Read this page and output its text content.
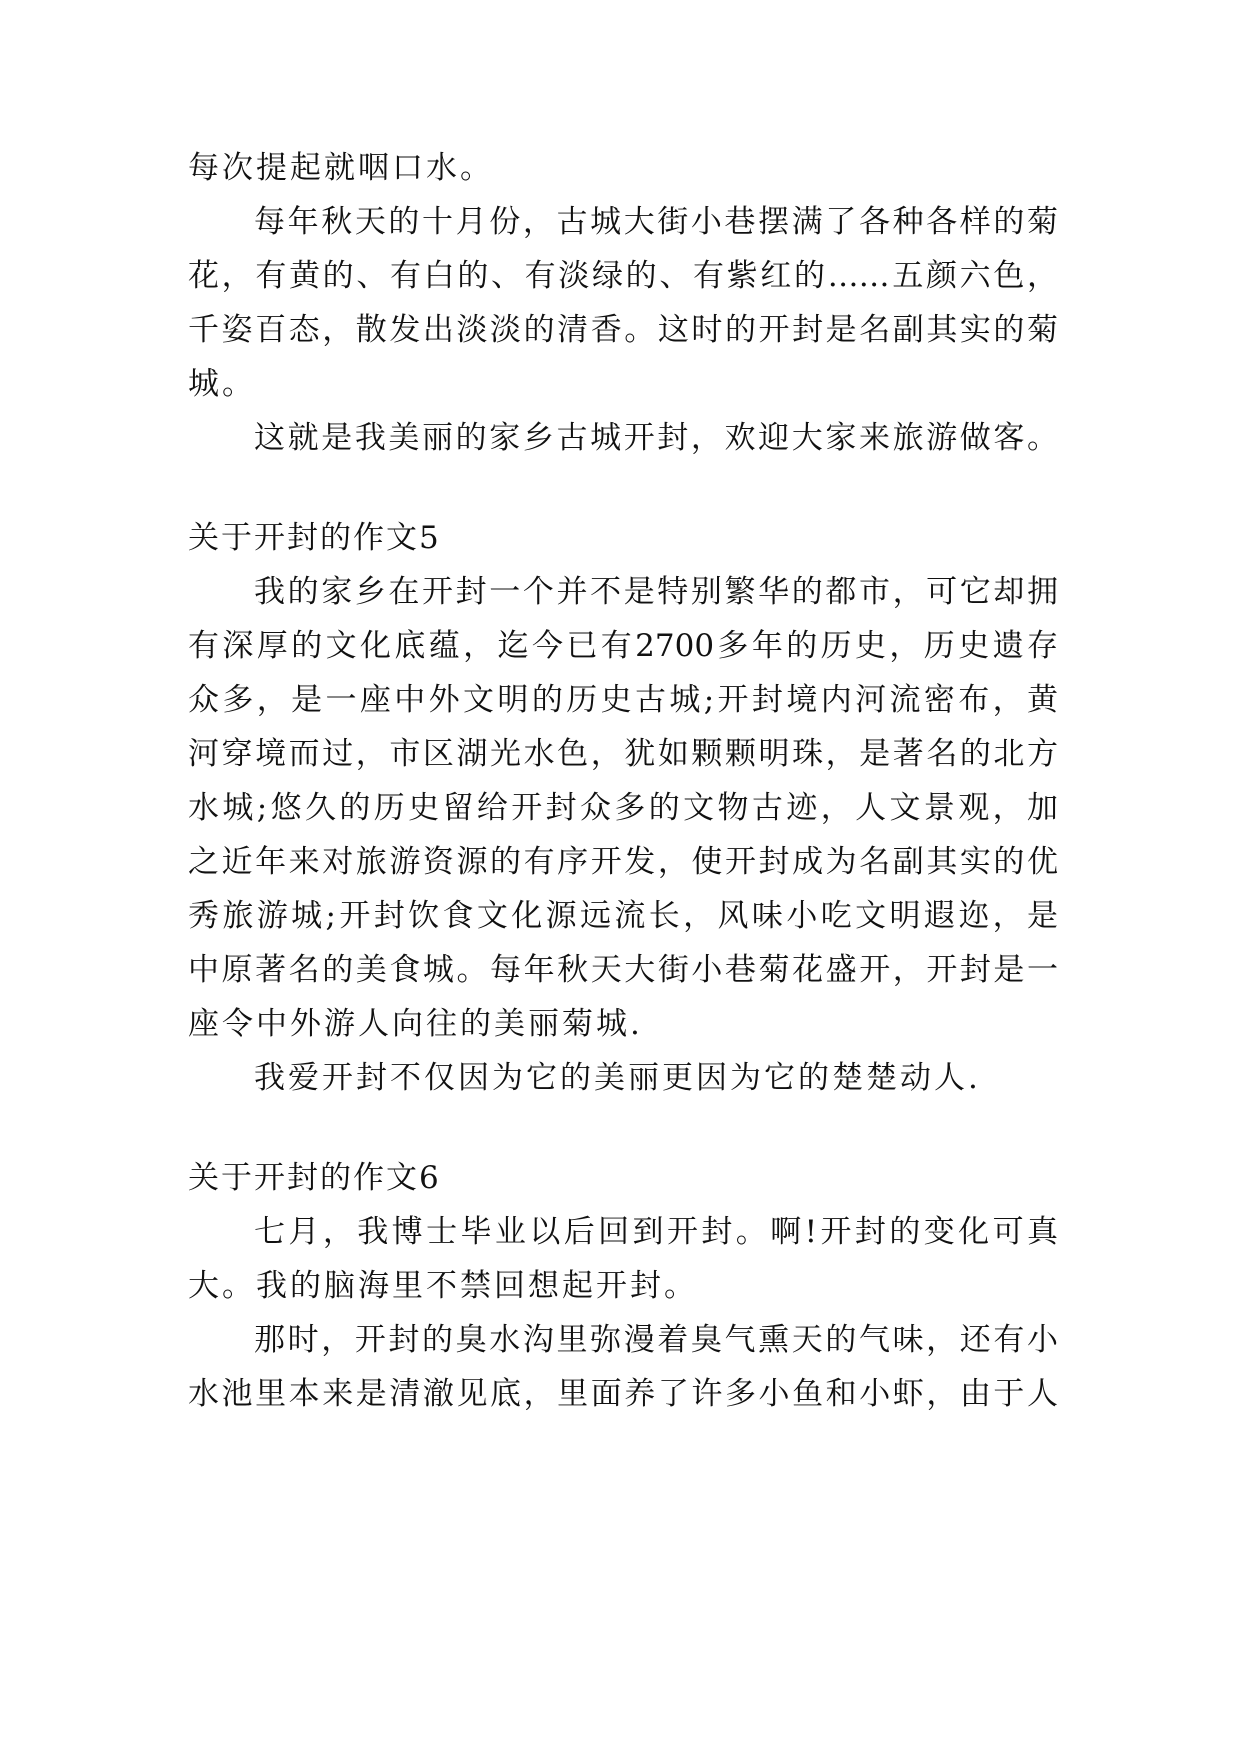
每次提起就咽口水。
每年秋天的十月份，古城大街小巷摆满了各种各样的菊
花，有黄的、有白的、有淡绿的、有紫红的……五颜六色，
千姿百态，散发出淡淡的清香。这时的开封是名副其实的菊
城。
这就是我美丽的家乡古城开封，欢迎大家来旅游做客。
关于开封的作文5
我的家乡在开封一个并不是特别繁华的都市，可它却拥
有深厚的文化底蕴，迄今已有2700多年的历史，历史遗存
众多，是一座中外文明的历史古城;开封境内河流密布，黄
河穿境而过，市区湖光水色，犹如颗颗明珠，是著名的北方
水城;悠久的历史留给开封众多的文物古迹，人文景观，加
之近年来对旅游资源的有序开发，使开封成为名副其实的优
秀旅游城;开封饮食文化源远流长，风味小吃文明遐迩，是
中原著名的美食城。每年秋天大街小巷菊花盛开，开封是一
座令中外游人向往的美丽菊城.
我爱开封不仅因为它的美丽更因为它的楚楚动人.
关于开封的作文6
七月，我博士毕业以后回到开封。啊!开封的变化可真
大。我的脑海里不禁回想起开封。
那时，开封的臭水沟里弥漫着臭气熏天的气味，还有小
水池里本来是清澈见底，里面养了许多小鱼和小虾，由于人
